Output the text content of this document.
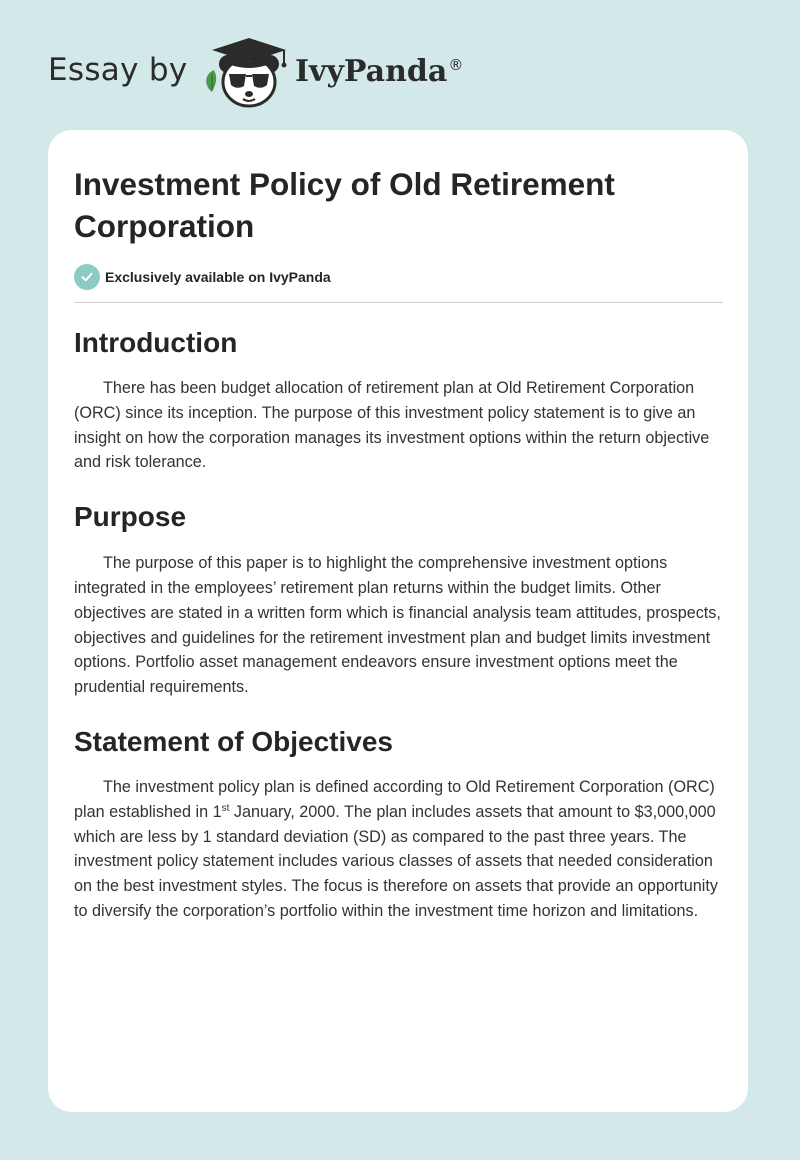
Essay by	IvyPanda®
Investment Policy of Old Retirement Corporation
Exclusively available on IvyPanda
Introduction

There has been budget allocation of retirement plan at Old Retirement Corporation (ORC) since its inception. The purpose of this investment policy statement is to give an insight on how the corporation manages its investment options within the return objective and risk tolerance.

Purpose

The purpose of this paper is to highlight the comprehensive investment options integrated in the employees’ retirement plan returns within the budget limits. Other objectives are stated in a written form which is financial analysis team attitudes, prospects, objectives and guidelines for the retirement investment plan and budget limits investment options. Portfolio asset management endeavors ensure investment options meet the prudential requirements.

Statement of Objectives

The investment policy plan is defined according to Old Retirement Corporation (ORC) plan established in 1st January, 2000. The plan includes assets that amount to $3,000,000 which are less by 1 standard deviation (SD) as compared to the past three years. The investment policy statement includes various classes of assets that needed consideration on the best investment styles. The focus is therefore on assets that provide an opportunity to diversify the corporation’s portfolio within the investment time horizon and limitations.
